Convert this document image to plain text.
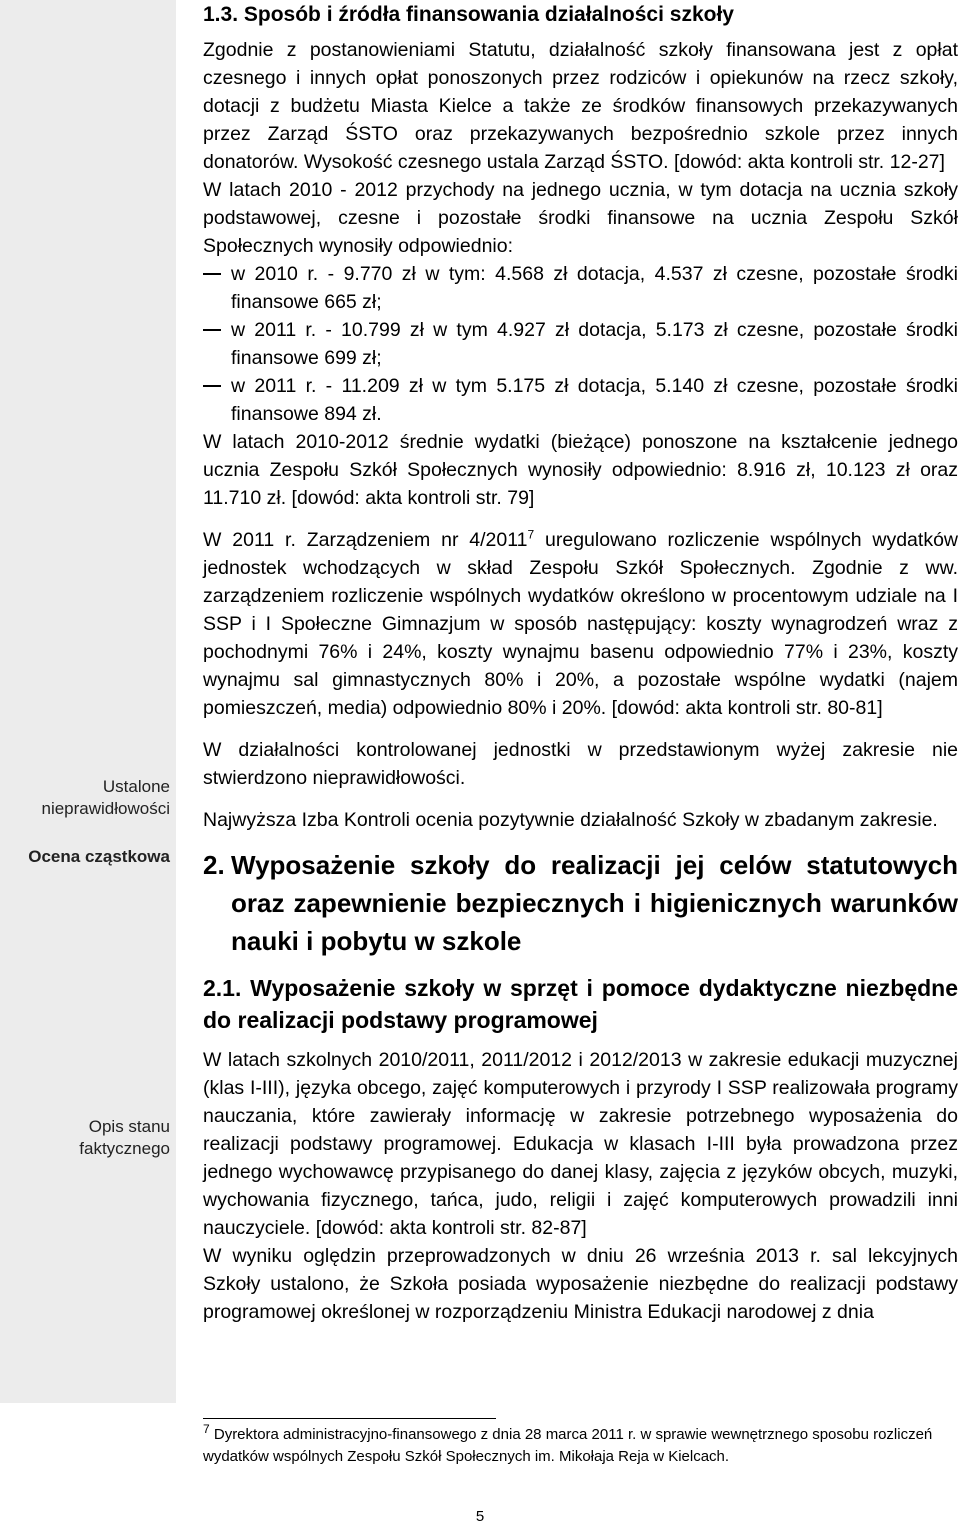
Ustalone nieprawidłowości
Ocena cząstkowa
Opis stanu faktycznego

1.3. Sposób i źródła finansowania działalności szkoły

Zgodnie z postanowieniami Statutu, działalność szkoły finansowana jest z opłat czesnego i innych opłat ponoszonych przez rodziców i opiekunów na rzecz szkoły, dotacji z budżetu Miasta Kielce a także ze środków finansowych przekazywanych przez Zarząd ŚSTO oraz przekazywanych bezpośrednio szkole przez innych donatorów. Wysokość czesnego ustala Zarząd ŚSTO. [dowód: akta kontroli str. 12-27]

W latach 2010 - 2012 przychody na jednego ucznia, w tym dotacja na ucznia szkoły podstawowej, czesne i pozostałe środki finansowe na ucznia Zespołu Szkół Społecznych wynosiły odpowiednio:

w 2010 r. - 9.770 zł w tym: 4.568 zł dotacja, 4.537 zł czesne, pozostałe środki finansowe 665 zł;
w 2011 r. - 10.799 zł w tym 4.927 zł dotacja, 5.173 zł czesne, pozostałe środki finansowe 699 zł;
w 2011 r. - 11.209 zł w tym 5.175 zł dotacja, 5.140 zł czesne, pozostałe środki finansowe 894 zł.

W latach 2010-2012 średnie wydatki (bieżące) ponoszone na kształcenie jednego ucznia Zespołu Szkół Społecznych wynosiły odpowiednio: 8.916 zł, 10.123 zł oraz 11.710 zł. [dowód: akta kontroli str. 79]

W 2011 r. Zarządzeniem nr 4/2011$^7$ uregulowano rozliczenie wspólnych wydatków jednostek wchodzących w skład Zespołu Szkół Społecznych. Zgodnie z ww. zarządzeniem rozliczenie wspólnych wydatków określono w procentowym udziale na I SSP i I Społeczne Gimnazjum w sposób następujący: koszty wynagrodzeń wraz z pochodnymi 76% i 24%, koszty wynajmu basenu odpowiednio 77% i 23%, koszty wynajmu sal gimnastycznych 80% i 20%, a pozostałe wspólne wydatki (najem pomieszczeń, media) odpowiednio 80% i 20%. [dowód: akta kontroli str. 80-81]

W działalności kontrolowanej jednostki w przedstawionym wyżej zakresie nie stwierdzono nieprawidłowości.

Najwyższa Izba Kontroli ocenia pozytywnie działalność Szkoły w zbadanym zakresie.

2. Wyposażenie szkoły do realizacji jej celów statutowych oraz zapewnienie bezpiecznych i higienicznych warunków nauki i pobytu w szkole
2.1. Wyposażenie szkoły w sprzęt i pomoce dydaktyczne niezbędne do realizacji podstawy programowej

W latach szkolnych 2010/2011, 2011/2012 i 2012/2013 w zakresie edukacji muzycznej (klas I-III), języka obcego, zajęć komputerowych i przyrody I SSP realizowała programy nauczania, które zawierały informację w zakresie potrzebnego wyposażenia do realizacji podstawy programowej. Edukacja w klasach I-III była prowadzona przez jednego wychowawcę przypisanego do danej klasy, zajęcia z języków obcych, muzyki, wychowania fizycznego, tańca, judo, religii i zajęć komputerowych prowadzili inni nauczyciele. [dowód: akta kontroli str. 82-87]

W wyniku oględzin przeprowadzonych w dniu 26 września 2013 r. sal lekcyjnych Szkoły ustalono, że Szkoła posiada wyposażenie niezbędne do realizacji podstawy programowej określonej w rozporządzeniu Ministra Edukacji narodowej z dnia

$^7$ Dyrektora administracyjno-finansowego z dnia 28 marca 2011 r. w sprawie wewnętrznego sposobu rozliczeń wydatków wspólnych Zespołu Szkół Społecznych im. Mikołaja Reja w Kielcach.
5
